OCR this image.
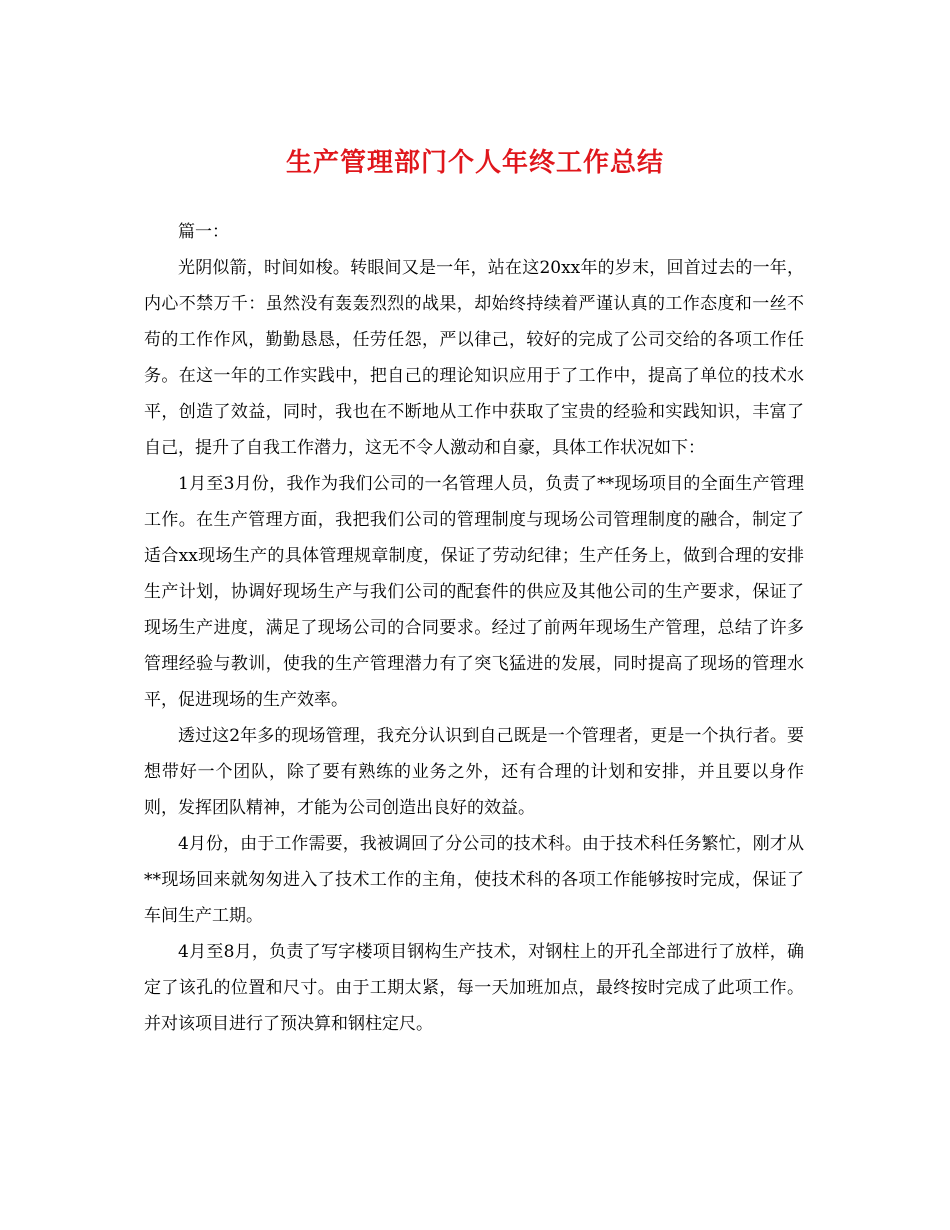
生产管理部门个人年终工作总结

篇一：

光阴似箭，时间如梭。转眼间又是一年，站在这20xx年的岁末，回首过去的一年，内心不禁万千：虽然没有轰轰烈烈的战果，却始终持续着严谨认真的工作态度和一丝不苟的工作作风，勤勤恳恳，任劳任怨，严以律己，较好的完成了公司交给的各项工作任务。在这一年的工作实践中，把自己的理论知识应用于了工作中，提高了单位的技术水平，创造了效益，同时，我也在不断地从工作中获取了宝贵的经验和实践知识，丰富了自己，提升了自我工作潜力，这无不令人激动和自豪，具体工作状况如下：

1月至3月份，我作为我们公司的一名管理人员，负责了**现场项目的全面生产管理工作。在生产管理方面，我把我们公司的管理制度与现场公司管理制度的融合，制定了适合xx现场生产的具体管理规章制度，保证了劳动纪律；生产任务上，做到合理的安排生产计划，协调好现场生产与我们公司的配套件的供应及其他公司的生产要求，保证了现场生产进度，满足了现场公司的合同要求。经过了前两年现场生产管理，总结了许多管理经验与教训，使我的生产管理潜力有了突飞猛进的发展，同时提高了现场的管理水平，促进现场的生产效率。

透过这2年多的现场管理，我充分认识到自己既是一个管理者，更是一个执行者。要想带好一个团队，除了要有熟练的业务之外，还有合理的计划和安排，并且要以身作则，发挥团队精神，才能为公司创造出良好的效益。

4月份，由于工作需要，我被调回了分公司的技术科。由于技术科任务繁忙，刚才从**现场回来就匆匆进入了技术工作的主角，使技术科的各项工作能够按时完成，保证了车间生产工期。

4月至8月，负责了写字楼项目钢构生产技术，对钢柱上的开孔全部进行了放样，确定了该孔的位置和尺寸。由于工期太紧，每一天加班加点，最终按时完成了此项工作。并对该项目进行了预决算和钢柱定尺。
